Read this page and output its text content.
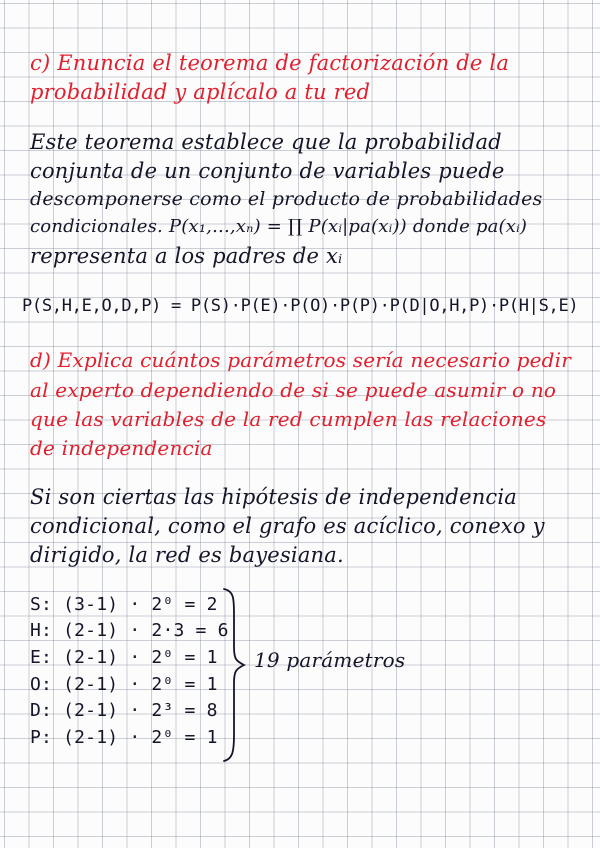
c) Enuncia el teorema de factorización de la
probabilidad y aplícalo a tu red
Este teorema establece que la probabilidad
conjunta de un conjunto de variables puede
descomponerse como el producto de probabilidades
condicionales. P(x₁,...,xₙ) = ∏ P(xᵢ|pa(xᵢ)) donde pa(xᵢ)
representa a los padres de xᵢ
P(S,H,E,O,D,P) = P(S)·P(E)·P(O)·P(P)·P(D|O,H,P)·P(H|S,E)
d) Explica cuántos parámetros sería necesario pedir
al experto dependiendo de si se puede asumir o no
que las variables de la red cumplen las relaciones
de independencia
Si son ciertas las hipótesis de independencia
condicional, como el grafo es acíclico, conexo y
dirigido, la red es bayesiana.
S: (3-1) · 2⁰ = 2
H: (2-1) · 2·3 = 6
E: (2-1) · 2⁰ = 1
O: (2-1) · 2⁰ = 1
D: (2-1) · 2³ = 8
P: (2-1) · 2⁰ = 1
19 parámetros
